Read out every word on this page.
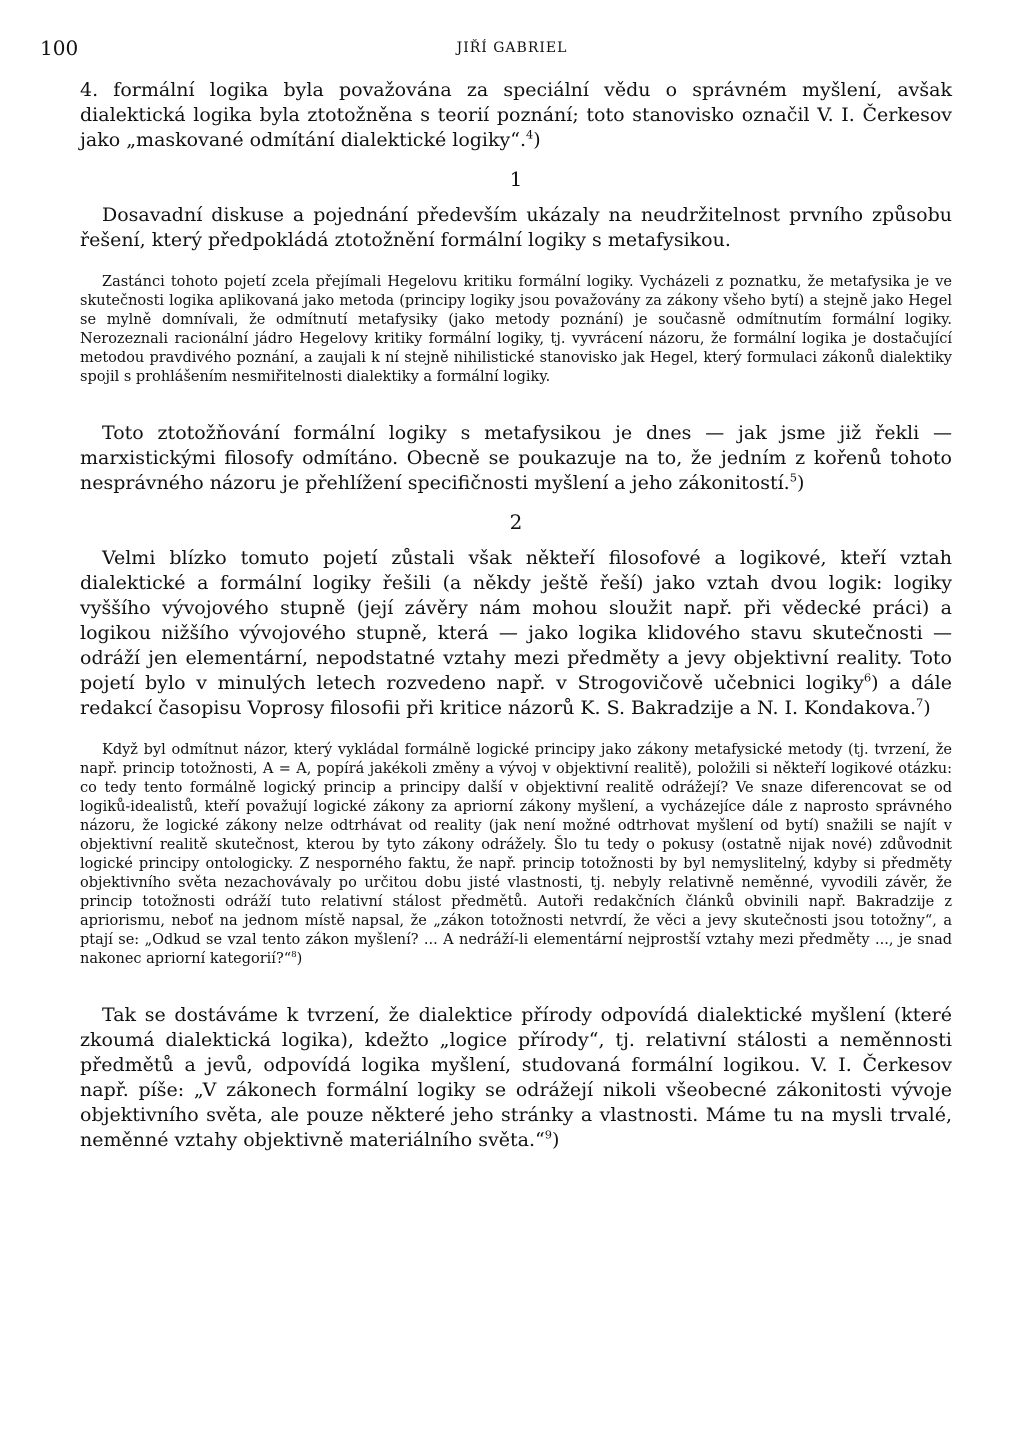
100	JIŘÍ GABRIEL

4. formální logika byla považována za speciální vědu o správném myšlení, avšak dialektická logika byla ztotožněna s teorií poznání; toto stanovisko označil V. I. Čerkesov jako „maskované odmítání dialektické logiky“.$^4$)

1

Dosavadní diskuse a pojednání především ukázaly na neudržitelnost prvního způsobu řešení, který předpokládá ztotožnění formální logiky s metafysikou.

Zastánci tohoto pojetí zcela přejímali Hegelovu kritiku formální logiky. Vycházeli z poznatku, že metafysika je ve skutečnosti logika aplikovaná jako metoda (principy logiky jsou považovány za zákony všeho bytí) a stejně jako Hegel se mylně domnívali, že odmítnutí metafysiky (jako metody poznání) je současně odmítnutím formální logiky. Nerozeznali racionální jádro Hegelovy kritiky formální logiky, tj. vyvrácení názoru, že formální logika je dostačující metodou pravdivého poznání, a zaujali k ní stejně nihilistické stanovisko jak Hegel, který formulaci zákonů dialektiky spojil s prohlášením nesmiřitelnosti dialektiky a formální logiky.

Toto ztotožňování formální logiky s metafysikou je dnes — jak jsme již řekli — marxistickými filosofy odmítáno. Obecně se poukazuje na to, že jedním z kořenů tohoto nesprávného názoru je přehlížení specifičnosti myšlení a jeho zákonitostí.$^5$)

2

Velmi blízko tomuto pojetí zůstali však někteří filosofové a logikové, kteří vztah dialektické a formální logiky řešili (a někdy ještě řeší) jako vztah dvou logik: logiky vyššího vývojového stupně (její závěry nám mohou sloužit např. při vědecké práci) a logikou nižšího vývojového stupně, která — jako logika klidového stavu skutečnosti — odráží jen elementární, nepodstatné vztahy mezi předměty a jevy objektivní reality. Toto pojetí bylo v minulých letech rozvedeno např. v Strogovičově učebnici logiky$^6$) a dále redakcí časopisu Voprosy filosofii při kritice názorů K. S. Bakradzije a N. I. Kondakova.$^7$)

Když byl odmítnut názor, který vykládal formálně logické principy jako zákony metafysické metody (tj. tvrzení, že např. princip totožnosti, A = A, popírá jakékoli změny a vývoj v objektivní realitě), položili si někteří logikové otázku: co tedy tento formálně logický princip a principy další v objektivní realitě odrážejí? Ve snaze diferencovat se od logiků-idealistů, kteří považují logické zákony za apriorní zákony myšlení, a vycházejíce dále z naprosto správného názoru, že logické zákony nelze odtrhávat od reality (jak není možné odtrhovat myšlení od bytí) snažili se najít v objektivní realitě skutečnost, kterou by tyto zákony odrážely. Šlo tu tedy o pokusy (ostatně nijak nové) zdůvodnit logické principy ontologicky. Z nesporného faktu, že např. princip totožnosti by byl nemyslitelný, kdyby si předměty objektivního světa nezachovávaly po určitou dobu jisté vlastnosti, tj. nebyly relativně neměnné, vyvodili závěr, že princip totožnosti odráží tuto relativní stálost předmětů. Autoři redakčních článků obvinili např. Bakradzije z apriorismu, neboť na jednom místě napsal, že „zákon totožnosti netvrdí, že věci a jevy skutečnosti jsou totožny“, a ptají se: „Odkud se vzal tento zákon myšlení? ... A nedráží-li elementární nejprostší vztahy mezi předměty ..., je snad nakonec apriorní kategorií?“$^8$)

Tak se dostáváme k tvrzení, že dialektice přírody odpovídá dialektické myšlení (které zkoumá dialektická logika), kdežto „logice přírody“, tj. relativní stálosti a neměnnosti předmětů a jevů, odpovídá logika myšlení, studovaná formální logikou. V. I. Čerkesov např. píše: „V zákonech formální logiky se odrážejí nikoli všeobecné zákonitosti vývoje objektivního světa, ale pouze některé jeho stránky a vlastnosti. Máme tu na mysli trvalé, neměnné vztahy objektivně materiálního světa.“$^9$)
